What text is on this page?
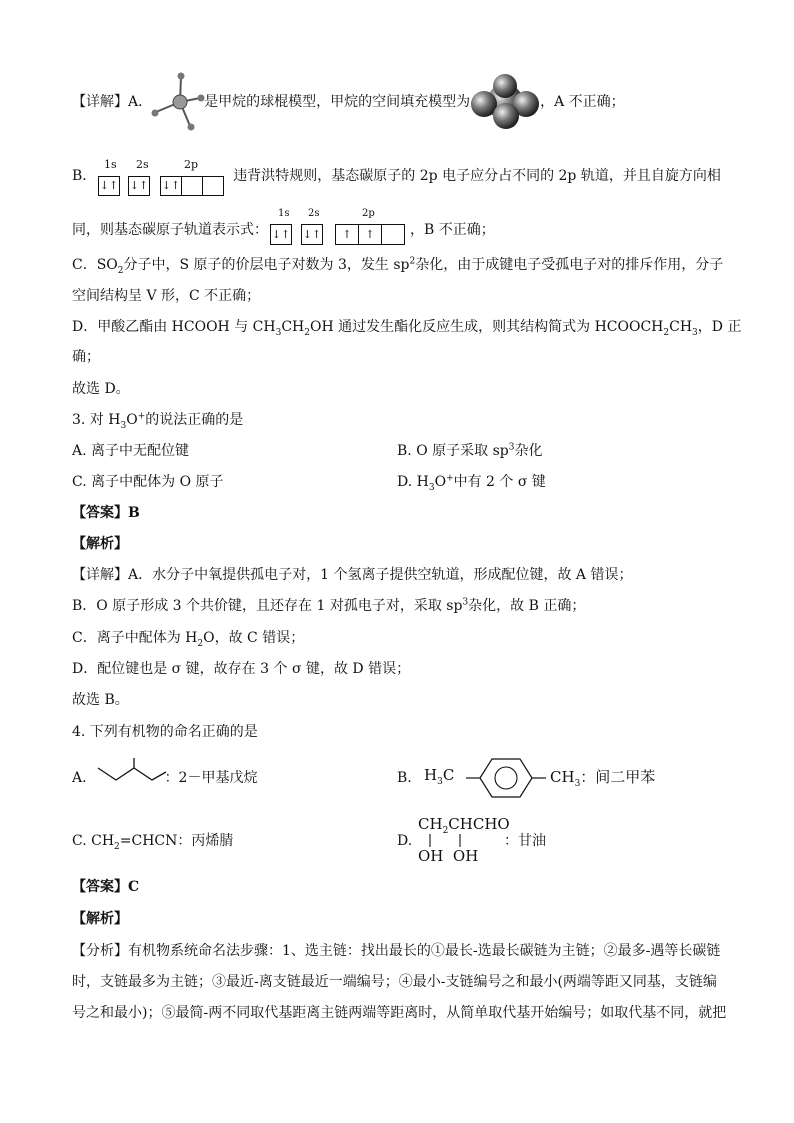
【详解】A．	是甲烷的球棍模型，甲烷的空间填充模型为	，A 不正确；
B．	违背洪特规则，基态碳原子的 2p 电子应分占不同的 2p 轨道，并且自旋方向相
1s 2s	2p
↓↑ ↓↑ ↓↑
同，则基态碳原子轨道表示式：	，B 不正确；
1s 2s	2p
↓↑ ↓↑	↑	↑
C．$SO_2$分子中，S 原子的价层电子对数为 3，发生 $sp^2$杂化，由于成键电子受孤电子对的排斥作用，分子
空间结构呈 V 形，C 不正确；
D．甲酸乙酯由 HCOOH 与 $CH_3CH_2OH$ 通过发生酯化反应生成，则其结构简式为 $HCOOCH_2CH_3$，D 正
确；
故选 D。
3. 对 $H_3O^+$的说法正确的是
A. 离子中无配位键	B. O 原子采取 $sp^3$杂化
C. 离子中配体为 O 原子	D. $H_3O^+$中有 2 个 σ 键
【答案】B
【解析】
【详解】A．水分子中氧提供孤电子对，1 个氢离子提供空轨道，形成配位键，故 A 错误；
B．O 原子形成 3 个共价键，且还存在 1 对孤电子对，采取 $sp^3$杂化，故 B 正确；
C．离子中配体为 $H_2O$，故 C 错误；
D．配位键也是 σ 键，故存在 3 个 σ 键，故 D 错误；
故选 B。
4. 下列有机物的命名正确的是
A.	：2－甲基戊烷	B. $H_3C$	$CH_3$：间二甲苯
C. $CH_2=CHCN$：丙烯腈	D.
$CH_2CHCHO$
OH  OH
：甘油
【答案】C
【解析】
【分析】有机物系统命名法步骤：1、选主链：找出最长的①最长-选最长碳链为主链；②最多-遇等长碳链
时，支链最多为主链；③最近-离支链最近一端编号；④最小-支链编号之和最小(两端等距又同基，支链编
号之和最小)；⑤最简-两不同取代基距离主链两端等距离时，从简单取代基开始编号；如取代基不同，就把
